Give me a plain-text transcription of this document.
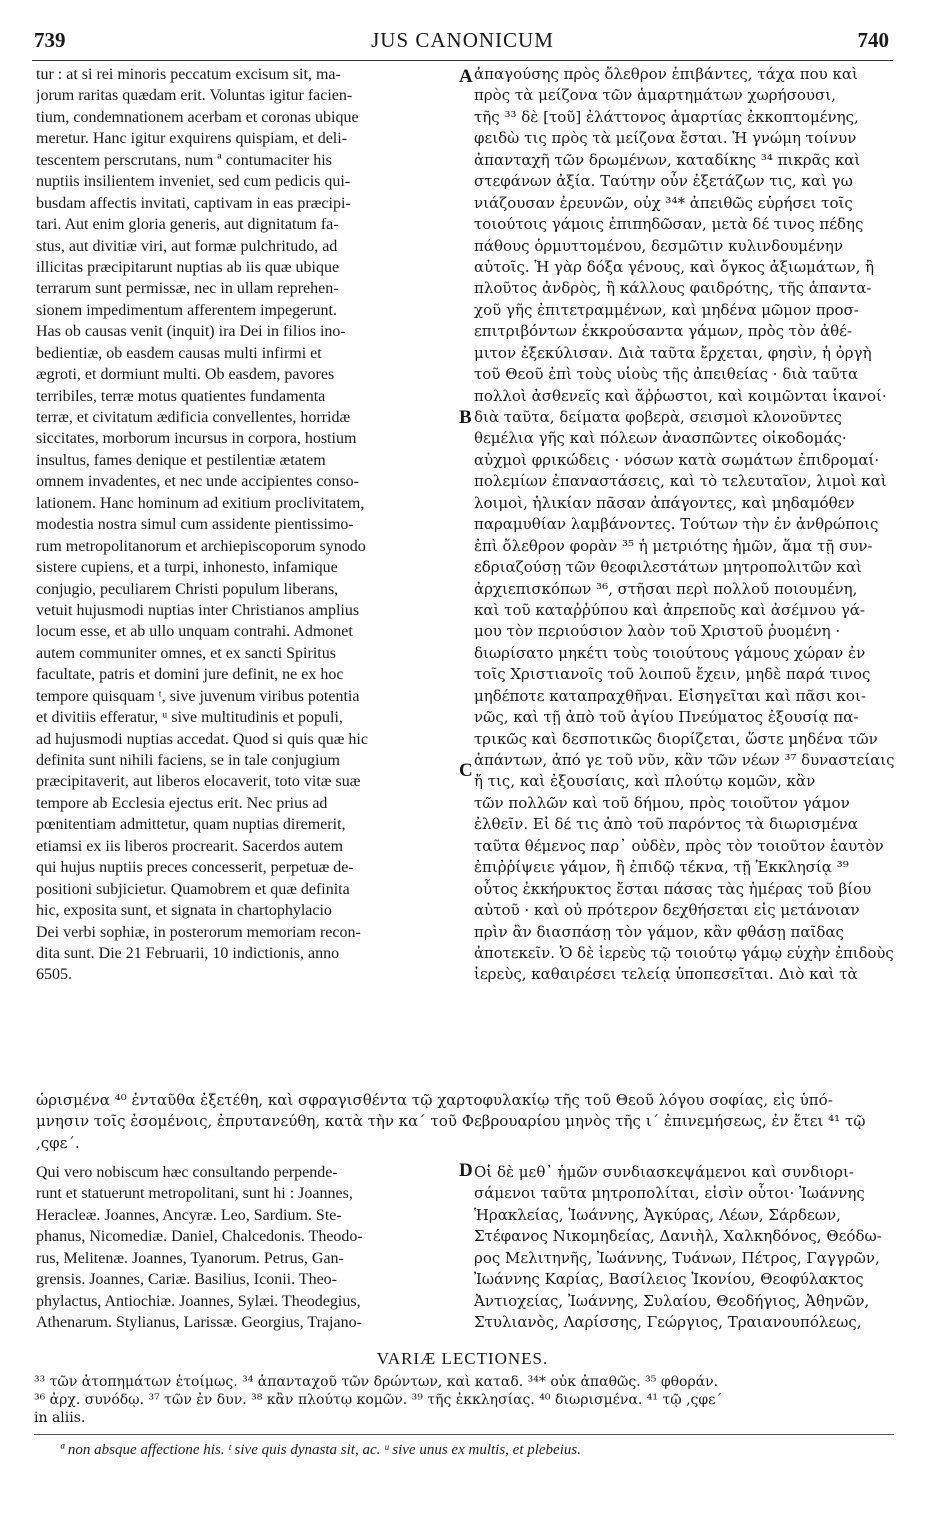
739	JUS CANONICUM	740
tur : at si rei minoris peccatum excisum sit, ma-
jorum raritas quædam erit. Voluntas igitur facien-
tium, condemnationem acerbam et coronas ubique
meretur. Hanc igitur exquirens quispiam, et deli-
tescentem perscrutans, num ª contumaciter his
nuptiis insilientem inveniet, sed cum pedicis qui-
busdam affectis invitati, captivam in eas præcipi-
tari. Aut enim gloria generis, aut dignitatum fa-
stus, aut divitiæ viri, aut formæ pulchritudo, ad
illicitas præcipitarunt nuptias ab iis quæ ubique
terrarum sunt permissæ, nec in ullam reprehen-
sionem impedimentum afferentem impegerunt.
Has ob causas venit (inquit) ira Dei in filios ino-
bedientiæ, ob easdem causas multi infirmi et
ægroti, et dormiunt multi. Ob easdem, pavores
terribiles, terræ motus quatientes fundamenta
terræ, et civitatum ædificia convellentes, horridæ
siccitates, morborum incursus in corpora, hostium
insultus, fames denique et pestilentiæ ætatem
omnem invadentes, et nec unde accipientes conso-
lationem. Hanc hominum ad exitium proclivitatem,
modestia nostra simul cum assidente pientissimo-
rum metropolitanorum et archiepiscoporum synodo
sistere cupiens, et a turpi, inhonesto, infamique
conjugio, peculiarem Christi populum liberans,
vetuit hujusmodi nuptias inter Christianos amplius
locum esse, et ab ullo unquam contrahi. Admonet
autem communiter omnes, et ex sancti Spiritus
facultate, patris et domini jure definit, ne ex hoc
tempore quisquam ᵗ, sive juvenum viribus potentia
et divitiis efferatur, ᵘ sive multitudinis et populi,
ad hujusmodi nuptias accedat. Quod si quis quæ hic
definita sunt nihili faciens, se in tale conjugium
præcipitaverit, aut liberos elocaverit, toto vitæ suæ
tempore ab Ecclesia ejectus erit. Nec prius ad
pœnitentiam admittetur, quam nuptias diremerit,
etiamsi ex iis liberos procrearit. Sacerdos autem
qui hujus nuptiis preces concesserit, perpetuæ de-
positioni subjicietur. Quamobrem et quæ definita
hic, exposita sunt, et signata in chartophylacio
Dei verbi sophiæ, in posterorum memoriam recon-
dita sunt. Die 21 Februarii, 10 indictionis, anno
6505.
ἀπαγούσης πρὸς ὄλεθρον ἐπιβάντες, τάχα που καὶ
πρὸς τὰ μείζονα τῶν ἁμαρτημάτων χωρήσουσι,
τῆς ³³ δὲ [τοῦ] ἐλάττονος ἁμαρτίας ἐκκοπτομένης,
φειδὼ τις πρὸς τὰ μείζονα ἔσται. Ἡ γνώμη τοίνυν
ἀπανταχῆ τῶν δρωμένων, καταδίκης ³⁴ πικρᾶς καὶ
στεφάνων ἀξία. Ταύτην οὖν ἐξετάζων τις, καὶ γω
νιάζουσαν ἐρευνῶν, οὐχ ³⁴* ἀπειθῶς εὑρήσει τοῖς
τοιούτοις γάμοις ἐπιπηδῶσαν, μετὰ δέ τινος πέδης
πάθους ὁρμυττομένου, δεσμῶτιν κυλινδουμένην
αὐτοῖς. Ἡ γὰρ δόξα γένους, καὶ ὄγκος ἀξιωμάτων, ἢ
πλοῦτος ἀνδρὸς, ἢ κάλλους φαιδρότης, τῆς ἁπαντα-
χοῦ γῆς ἐπιτετραμμένων, καὶ μηδένα μῶμον προσ-
επιτριβόντων ἐκκρούσαντα γάμων, πρὸς τὸν ἀθέ-
μιτον ἐξεκύλισαν. Διὰ ταῦτα ἔρχεται, φησὶν, ἡ ὀργὴ
τοῦ Θεοῦ ἐπὶ τοὺς υἱοὺς τῆς ἀπειθείας · διὰ ταῦτα
πολλοὶ ἀσθενεῖς καὶ ἄῤῥωστοι, καὶ κοιμῶνται ἱκανοί·
διὰ ταῦτα, δείματα φοβερὰ, σεισμοὶ κλονοῦντες
θεμέλια γῆς καὶ πόλεων ἀνασπῶντες οἰκοδομάς·
αὐχμοὶ φρικώδεις · νόσων κατὰ σωμάτων ἐπιδρομαί·
πολεμίων ἐπαναστάσεις, καὶ τὸ τελευταῖον, λιμοὶ καὶ
λοιμοὶ, ἡλικίαν πᾶσαν ἀπάγοντες, καὶ μηδαμόθεν
παραμυθίαν λαμβάνοντες. Τούτων τὴν ἐν ἀνθρώποις
ἐπὶ ὄλεθρον φορὰν ³⁵ ἡ μετριότης ἡμῶν, ἅμα τῇ συν-
εδριαζούσῃ τῶν θεοφιλεστάτων μητροπολιτῶν καὶ
ἀρχιεπισκόπων ³⁶, στῆσαι περὶ πολλοῦ ποιουμένη,
καὶ τοῦ καταῤῥύπου καὶ ἀπρεποῦς καὶ ἀσέμνου γά-
μου τὸν περιούσιον λαὸν τοῦ Χριστοῦ ῥυομένη ·
διωρίσατο μηκέτι τοὺς τοιούτους γάμους χώραν ἐν
τοῖς Χριστιανοῖς τοῦ λοιποῦ ἔχειν, μηδὲ παρά τινος
μηδέποτε καταπραχθῆναι. Εἰσηγεῖται καὶ πᾶσι κοι-
νῶς, καὶ τῇ ἀπὸ τοῦ ἁγίου Πνεύματος ἐξουσίᾳ πα-
τρικῶς καὶ δεσποτικῶς διορίζεται, ὥστε μηδένα τῶν
ἁπάντων, ἀπό γε τοῦ νῦν, κἂν τῶν νέων ³⁷ δυναστείαις
ἤ τις, καὶ ἐξουσίαις, καὶ πλούτῳ κομῶν, κἂν
τῶν πολλῶν καὶ τοῦ δήμου, πρὸς τοιοῦτον γάμον
ἐλθεῖν. Εἰ δέ τις ἀπὸ τοῦ παρόντος τὰ διωρισμένα
ταῦτα θέμενος παρ᾽ οὐδὲν, πρὸς τὸν τοιοῦτον ἑαυτὸν
ἐπιῤῥίψειε γάμον, ἢ ἐπιδῷ τέκνα, τῇ Ἐκκλησίᾳ ³⁹
οὗτος ἐκκήρυκτος ἔσται πάσας τὰς ἡμέρας τοῦ βίου
αὐτοῦ · καὶ οὐ πρότερον δεχθήσεται εἰς μετάνοιαν
πρὶν ἂν διασπάσῃ τὸν γάμον, κἂν φθάσῃ παῖδας
ἀποτεκεῖν. Ὁ δὲ ἱερεὺς τῷ τοιούτῳ γάμῳ εὐχὴν ἐπιδοὺς
ἱερεὺς, καθαιρέσει τελείᾳ ὑποπεσεῖται. Διὸ καὶ τὰ
A
B
C
D
ὡρισμένα ⁴⁰ ἐνταῦθα ἐξετέθη, καὶ σφραγισθέντα τῷ χαρτοφυλακίῳ τῆς τοῦ Θεοῦ λόγου σοφίας, εἰς ὑπό-
μνησιν τοῖς ἐσομένοις, ἐπρυτανεύθη, κατὰ τὴν κα´ τοῦ Φεβρουαρίου μηνὸς τῆς ι´ ἐπινεμήσεως, ἐν ἔτει ⁴¹ τῷ
,ςφε´.
Qui vero nobiscum hæc consultando perpende-
runt et statuerunt metropolitani, sunt hi : Joannes,
Heracleæ. Joannes, Ancyræ. Leo, Sardium. Ste-
phanus, Nicomediæ. Daniel, Chalcedonis. Theodo-
rus, Melitenæ. Joannes, Tyanorum. Petrus, Gan-
grensis. Joannes, Cariæ. Basilius, Iconii. Theo-
phylactus, Antiochiæ. Joannes, Sylæi. Theodegius,
Athenarum. Stylianus, Larissæ. Georgius, Trajano-
Οἱ δὲ μεθ᾽ ἡμῶν συνδιασκεψάμενοι καὶ συνδιορι-
σάμενοι ταῦτα μητροπολίται, εἰσὶν οὗτοι· Ἰωάννης
Ἡρακλείας, Ἰωάννης, Ἀγκύρας, Λέων, Σάρδεων,
Στέφανος Νικομηδείας, Δανιὴλ, Χαλκηδόνος, Θεόδω-
ρος Μελιτηνῆς, Ἰωάννης, Τυάνων, Πέτρος, Γαγγρῶν,
Ἰωάννης Καρίας, Βασίλειος Ἰκονίου, Θεοφύλακτος
Ἀντιοχείας, Ἰωάννης, Συλαίου, Θεοδήγιος, Ἀθηνῶν,
Στυλιανὸς, Λαρίσσης, Γεώργιος, Τραιανουπόλεως,
VARIÆ LECTIONES.
³³ τῶν ἀτοπημάτων ἑτοίμως. ³⁴ ἁπανταχοῦ τῶν δρώντων, καὶ καταδ. ³⁴* οὐκ ἀπαθῶς. ³⁵ φθοράν.
³⁶ ἀρχ. συνόδῳ. ³⁷ τῶν ἐν δυν. ³⁸ κἂν πλούτῳ κομῶν. ³⁹ τῆς ἐκκλησίας. ⁴⁰ διωρισμένα. ⁴¹ τῷ ,ςφε´
in aliis.
ª non absque affectione his. ᵗ sive quis dynasta sit, ac. ᵘ sive unus ex multis, et plebeius.
